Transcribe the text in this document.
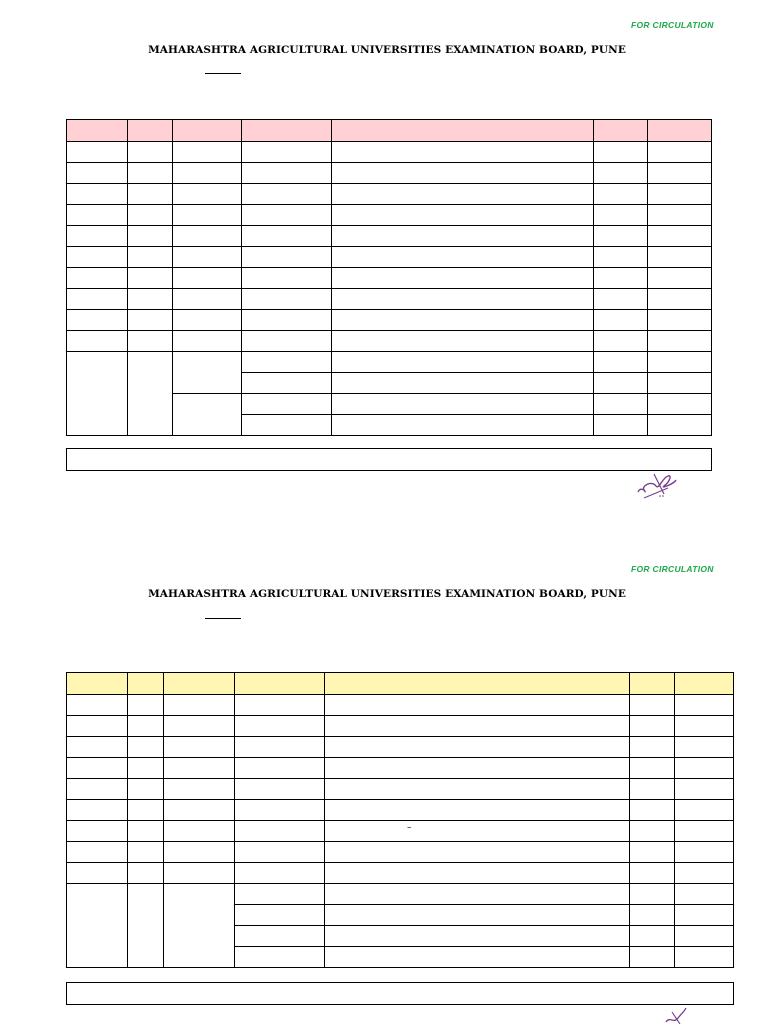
FOR CIRCULATION
MAHARASHTRA AGRICULTURAL UNIVERSITIES EXAMINATION BOARD, PUNE

FOR CIRCULATION
MAHARASHTRA AGRICULTURAL UNIVERSITIES EXAMINATION BOARD, PUNE

				–		
